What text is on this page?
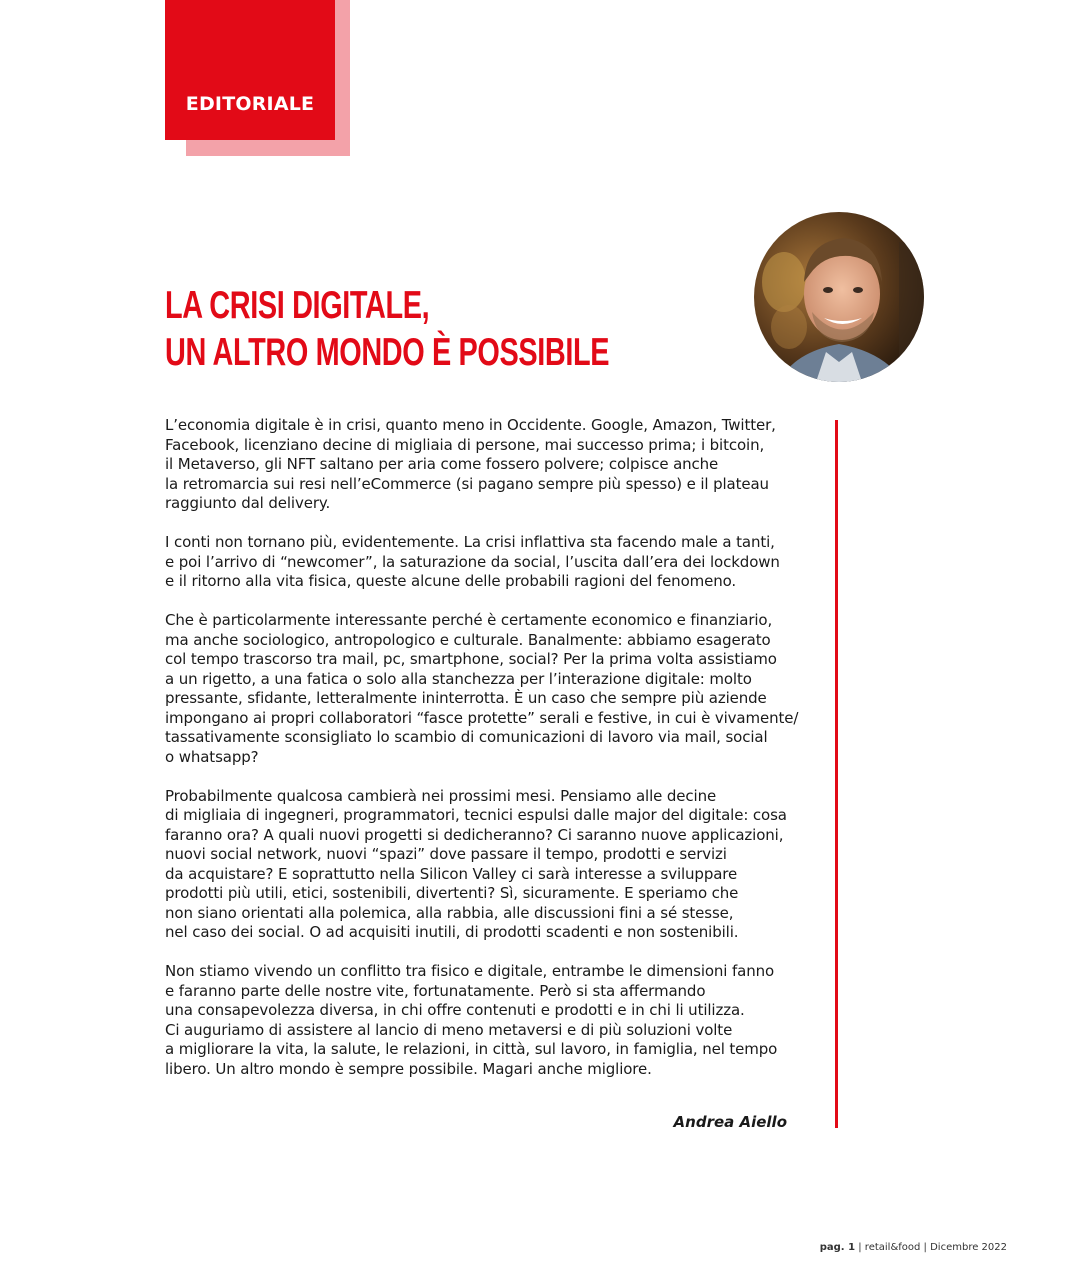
EDITORIALE
LA CRISI DIGITALE,
UN ALTRO MONDO È POSSIBILE

L’economia digitale è in crisi, quanto meno in Occidente. Google, Amazon, Twitter,
Facebook, licenziano decine di migliaia di persone, mai successo prima; i bitcoin,
il Metaverso, gli NFT saltano per aria come fossero polvere; colpisce anche
la retromarcia sui resi nell’eCommerce (si pagano sempre più spesso) e il plateau
raggiunto dal delivery.

I conti non tornano più, evidentemente. La crisi inflattiva sta facendo male a tanti,
e poi l’arrivo di “newcomer”, la saturazione da social, l’uscita dall’era dei lockdown
e il ritorno alla vita fisica, queste alcune delle probabili ragioni del fenomeno.

Che è particolarmente interessante perché è certamente economico e finanziario,
ma anche sociologico, antropologico e culturale. Banalmente: abbiamo esagerato
col tempo trascorso tra mail, pc, smartphone, social? Per la prima volta assistiamo
a un rigetto, a una fatica o solo alla stanchezza per l’interazione digitale: molto
pressante, sfidante, letteralmente ininterrotta. È un caso che sempre più aziende
impongano ai propri collaboratori “fasce protette” serali e festive, in cui è vivamente/
tassativamente sconsigliato lo scambio di comunicazioni di lavoro via mail, social
o whatsapp?

Probabilmente qualcosa cambierà nei prossimi mesi. Pensiamo alle decine
di migliaia di ingegneri, programmatori, tecnici espulsi dalle major del digitale: cosa
faranno ora? A quali nuovi progetti si dedicheranno? Ci saranno nuove applicazioni,
nuovi social network, nuovi “spazi” dove passare il tempo, prodotti e servizi
da acquistare? E soprattutto nella Silicon Valley ci sarà interesse a sviluppare
prodotti più utili, etici, sostenibili, divertenti? Sì, sicuramente. E speriamo che
non siano orientati alla polemica, alla rabbia, alle discussioni fini a sé stesse,
nel caso dei social. O ad acquisiti inutili, di prodotti scadenti e non sostenibili.

Non stiamo vivendo un conflitto tra fisico e digitale, entrambe le dimensioni fanno
e faranno parte delle nostre vite, fortunatamente. Però si sta affermando
una consapevolezza diversa, in chi offre contenuti e prodotti e in chi li utilizza.
Ci auguriamo di assistere al lancio di meno metaversi e di più soluzioni volte
a migliorare la vita, la salute, le relazioni, in città, sul lavoro, in famiglia, nel tempo
libero. Un altro mondo è sempre possibile. Magari anche migliore.

Andrea Aiello
pag. 1 | retail&food | Dicembre 2022
